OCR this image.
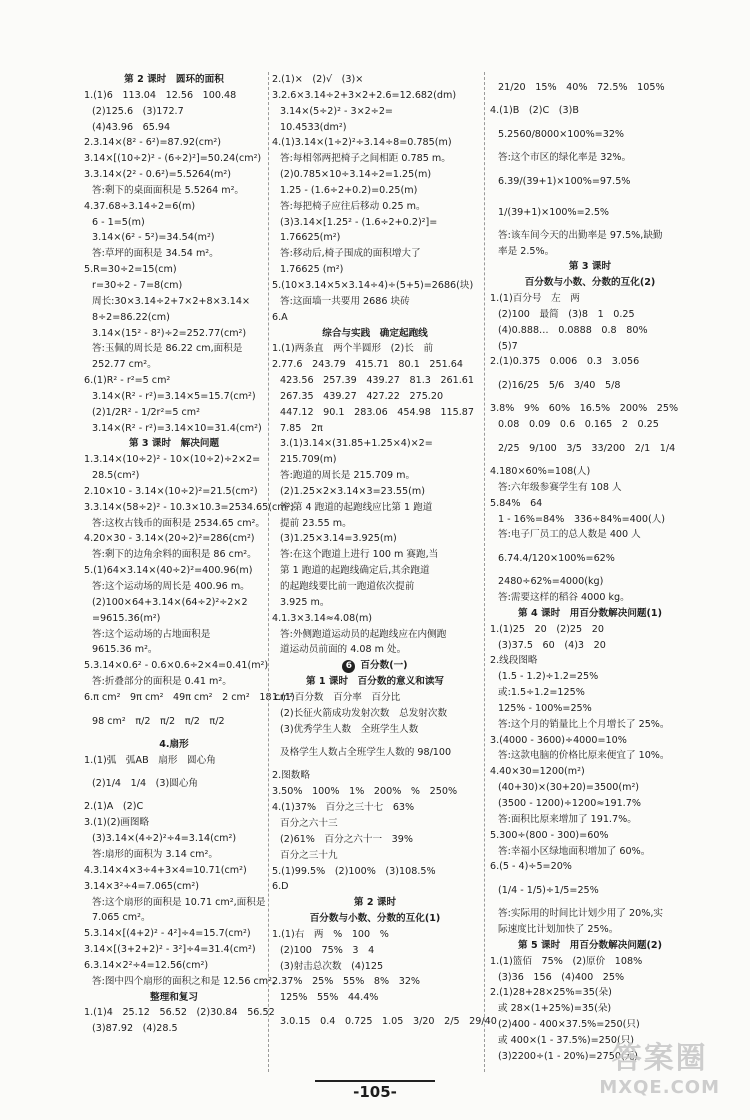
第 2 课时　圆环的面积
1.(1)6　113.04　12.56　100.48
(2)125.6　(3)172.7
(4)43.96　65.94
2.3.14×(8² - 6²)=87.92(cm²)
3.14×[(10÷2)² - (6÷2)²]=50.24(cm²)
3.3.14×(2² - 0.6²)=5.5264(m²)
答:剩下的桌面面积是 5.5264 m²。
4.37.68÷3.14÷2=6(m)
6 - 1=5(m)
3.14×(6² - 5²)=34.54(m²)
答:草坪的面积是 34.54 m²。
5.R=30÷2=15(cm)
r=30÷2 - 7=8(cm)
周长:30×3.14÷2+7×2+8×3.14×
8÷2=86.22(cm)
3.14×(15² - 8²)÷2=252.77(cm²)
答:玉佩的周长是 86.22 cm,面积是
252.77 cm²。
6.(1)R² - r²=5 cm²
3.14×(R² - r²)=3.14×5=15.7(cm²)
(2)1/2R² - 1/2r²=5 cm²
3.14×(R² - r²)=3.14×10=31.4(cm²)
第 3 课时　解决问题
1.3.14×(10÷2)² - 10×(10÷2)÷2×2=
28.5(cm²)
2.10×10 - 3.14×(10÷2)²=21.5(cm²)
3.3.14×(58÷2)² - 10.3×10.3=2534.65(cm²)
答:这枚古钱币的面积是 2534.65 cm²。
4.20×30 - 3.14×(20÷2)²=286(cm²)
答:剩下的边角余料的面积是 86 cm²。
5.(1)64×3.14×(40÷2)²=400.96(m)
答:这个运动场的周长是 400.96 m。
(2)100×64+3.14×(64÷2)²÷2×2
=9615.36(m²)
答:这个运动场的占地面积是
9615.36 m²。
5.3.14×0.6² - 0.6×0.6÷2×4=0.41(m²)
答:折叠部分的面积是 0.41 m²。
6.π cm²　9π cm²　49π cm²　2 cm²　18 cm²
98 cm²　π/2　π/2　π/2　π/2
4.扇形
1.(1)弧　弧AB　扇形　圆心角
(2)1/4　1/4　(3)圆心角
2.(1)A　(2)C
3.(1)(2)画图略
(3)3.14×(4÷2)²÷4=3.14(cm²)
答:扇形的面积为 3.14 cm²。
4.3.14×4×3÷4+3×4=10.71(cm²)
3.14×3²÷4=7.065(cm²)
答:这个扇形的面积是 10.71 cm²,面积是
7.065 cm²。
5.3.14×[(4+2)² - 4²]÷4=15.7(cm²)
3.14×[(3+2+2)² - 3²]÷4=31.4(cm²)
6.3.14×2²÷4=12.56(cm²)
答:图中四个扇形的面积之和是 12.56 cm²。
整理和复习
1.(1)4　25.12　56.52　(2)30.84　56.52
(3)87.92　(4)28.5
2.(1)×　(2)√　(3)×
3.2.6×3.14÷2+3×2+2.6=12.682(dm)
3.14×(5÷2)² - 3×2÷2=
10.4533(dm²)
4.(1)3.14×(1÷2)²÷3.14÷8=0.785(m)
答:每相邻两把椅子之间相距 0.785 m。
(2)0.785×10÷3.14÷2=1.25(m)
1.25 - (1.6÷2+0.2)=0.25(m)
答:每把椅子应往后移动 0.25 m。
(3)3.14×[1.25² - (1.6÷2+0.2)²]=
1.76625(m²)
答:移动后,椅子围成的面积增大了
1.76625 (m²)
5.(10×3.14×5×3.14÷4)÷(5+5)=2686(块)
答:这面墙一共要用 2686 块砖
6.A
综合与实践　确定起跑线
1.(1)两条直　两个半圆形　(2)长　前
2.77.6　243.79　415.71　80.1　251.64
423.56　257.39　439.27　81.3　261.61
267.35　439.27　427.22　275.20
447.12　90.1　283.06　454.98　115.87
7.85　2π
3.(1)3.14×(31.85+1.25×4)×2=
215.709(m)
答:跑道的周长是 215.709 m。
(2)1.25×2×3.14×3=23.55(m)
答:第 4 跑道的起跑线应比第 1 跑道
提前 23.55 m。
(3)1.25×3.14=3.925(m)
答:在这个跑道上进行 100 m 赛跑,当
第 1 跑道的起跑线确定后,其余跑道
的起跑线要比前一跑道依次提前
3.925 m。
4.1.3×3.14≈4.08(m)
答:外侧跑道运动员的起跑线应在内侧跑
道运动员前面的 4.08 m 处。
6 百分数(一)
第 1 课时　百分数的意义和读写
1.(1)百分数　百分率　百分比
(2)长征火箭成功发射次数　总发射次数
(3)优秀学生人数　全班学生人数
及格学生人数占全班学生人数的 98/100
2.图数略
3.50%　100%　1%　200%　%　250%
4.(1)37%　百分之三十七　63%
百分之六十三
(2)61%　百分之六十一　39%
百分之三十九
5.(1)99.5%　(2)100%　(3)108.5%
6.D
第 2 课时
百分数与小数、分数的互化(1)
1.(1)右　两　%　100　%
(2)100　75%　3　4
(3)射击总次数　(4)125
2.37%　25%　55%　8%　32%
125%　55%　44.4%
3.0.15　0.4　0.725　1.05　3/20　2/5　29/40
21/20　15%　40%　72.5%　105%
4.(1)B　(2)C　(3)B
5.2560/8000×100%=32%
答:这个市区的绿化率是 32%。
6.39/(39+1)×100%=97.5%
1/(39+1)×100%=2.5%
答:该车间今天的出勤率是 97.5%,缺勤
率是 2.5%。
第 3 课时
百分数与小数、分数的互化(2)
1.(1)百分号　左　两
(2)100　最简　(3)8　1　0.25
(4)0.888…　0.0888　0.8　80%
(5)7
2.(1)0.375　0.006　0.3　3.056
(2)16/25　5/6　3/40　5/8
3.8%　9%　60%　16.5%　200%　25%
0.08　0.09　0.6　0.165　2　0.25
2/25　9/100　3/5　33/200　2/1　1/4
4.180×60%=108(人)
答:六年级参赛学生有 108 人
5.84%　64
1 - 16%=84%　336÷84%=400(人)
答:电子厂员工的总人数是 400 人
6.74.4/120×100%=62%
2480÷62%=4000(kg)
答:需要这样的稻谷 4000 kg。
第 4 课时　用百分数解决问题(1)
1.(1)25　20　(2)25　20
(3)37.5　60　(4)3　20
2.线段图略
(1.5 - 1.2)÷1.2=25%
或:1.5÷1.2=125%
125% - 100%=25%
答:这个月的销量比上个月增长了 25%。
3.(4000 - 3600)÷4000=10%
答:这款电脑的价格比原来便宜了 10%。
4.40×30=1200(m²)
(40+30)×(30+20)=3500(m²)
(3500 - 1200)÷1200≈191.7%
答:面积比原来增加了 191.7%。
5.300÷(800 - 300)=60%
答:幸福小区绿地面积增加了 60%。
6.(5 - 4)÷5=20%
(1/4 - 1/5)÷1/5=25%
答:实际用的时间比计划少用了 20%,实
际速度比计划加快了 25%。
第 5 课时　用百分数解决问题(2)
1.(1)篮佰　75%　(2)原价　108%
(3)36　156　(4)400　25%
2.(1)28+28×25%=35(朵)
或 28×(1+25%)=35(朵)
(2)400 - 400×37.5%=250(只)
或 400×(1 - 37.5%)=250(只)
(3)2200÷(1 - 20%)=2750(元)
-105-
答案圈
MXQE.COM
